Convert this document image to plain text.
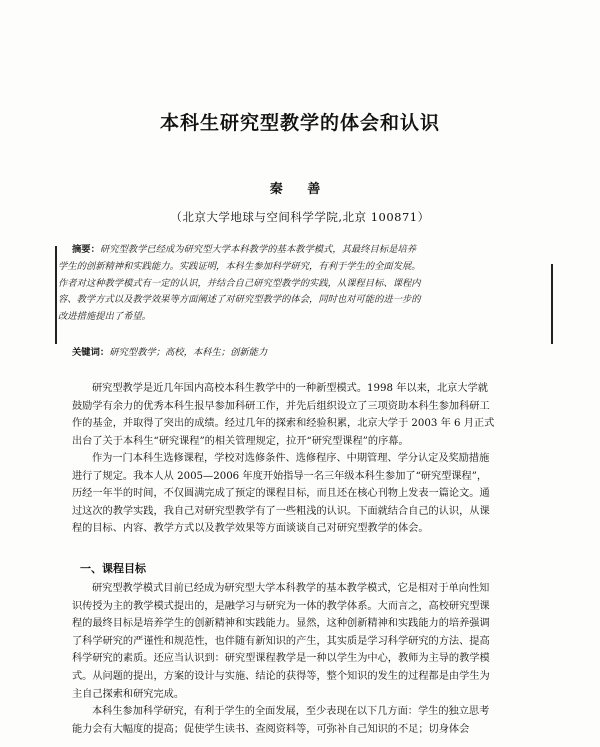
本科生研究型教学的体会和认识
秦 善
（北京大学地球与空间科学学院,北京 100871）
摘要：研究型教学已经成为研究型大学本科教学的基本教学模式，其最终目标是培养
学生的创新精神和实践能力。实践证明，本科生参加科学研究，有利于学生的全面发展。
作者对这种教学模式有一定的认识，并结合自己研究型教学的实践，从课程目标、课程内
容、教学方式以及教学效果等方面阐述了对研究型教学的体会，同时也对可能的进一步的
改进措施提出了希望。
关键词：研究型教学；高校，本科生；创新能力
研究型教学是近几年国内高校本科生教学中的一种新型模式。1998 年以来，北京大学就
鼓励学有余力的优秀本科生报早参加科研工作，并先后组织设立了三项资助本科生参加科研工
作的基金，并取得了突出的成绩。经过几年的探索和经验积累，北京大学于 2003 年 6 月正式
出台了关于本科生“研究课程”的相关管理规定，拉开“研究型课程”的序幕。
作为一门本科生选修课程，学校对选修条件、选修程序、中期管理、学分认定及奖励措施
进行了规定。我本人从 2005—2006 年度开始指导一名三年级本科生参加了“研究型课程”，
历经一年半的时间，不仅圆满完成了预定的课程目标，而且还在核心刊物上发表一篇论文。通
过这次的教学实践，我自己对研究型教学有了一些粗浅的认识。下面就结合自己的认识，从课
程的目标、内容、教学方式以及教学效果等方面谈谈自己对研究型教学的体会。
一、课程目标
研究型教学模式目前已经成为研究型大学本科教学的基本教学模式，它是相对于单向性知
识传授为主的教学模式提出的，是融学习与研究为一体的教学体系。大而言之，高校研究型课
程的最终目标是培养学生的创新精神和实践能力。显然，这种创新精神和实践能力的培养强调
了科学研究的严谨性和规范性，也伴随有新知识的产生，其实质是学习科学研究的方法、提高
科学研究的素质。还应当认识到：研究型课程教学是一种以学生为中心，教师为主导的教学模
式。从问题的提出，方案的设计与实施、结论的获得等，整个知识的发生的过程都是由学生为
主自己探索和研究完成。
本科生参加科学研究，有利于学生的全面发展，至少表现在以下几方面：学生的独立思考
能力会有大幅度的提高；促使学生读书、查阅资料等，可弥补自己知识的不足；切身体会
